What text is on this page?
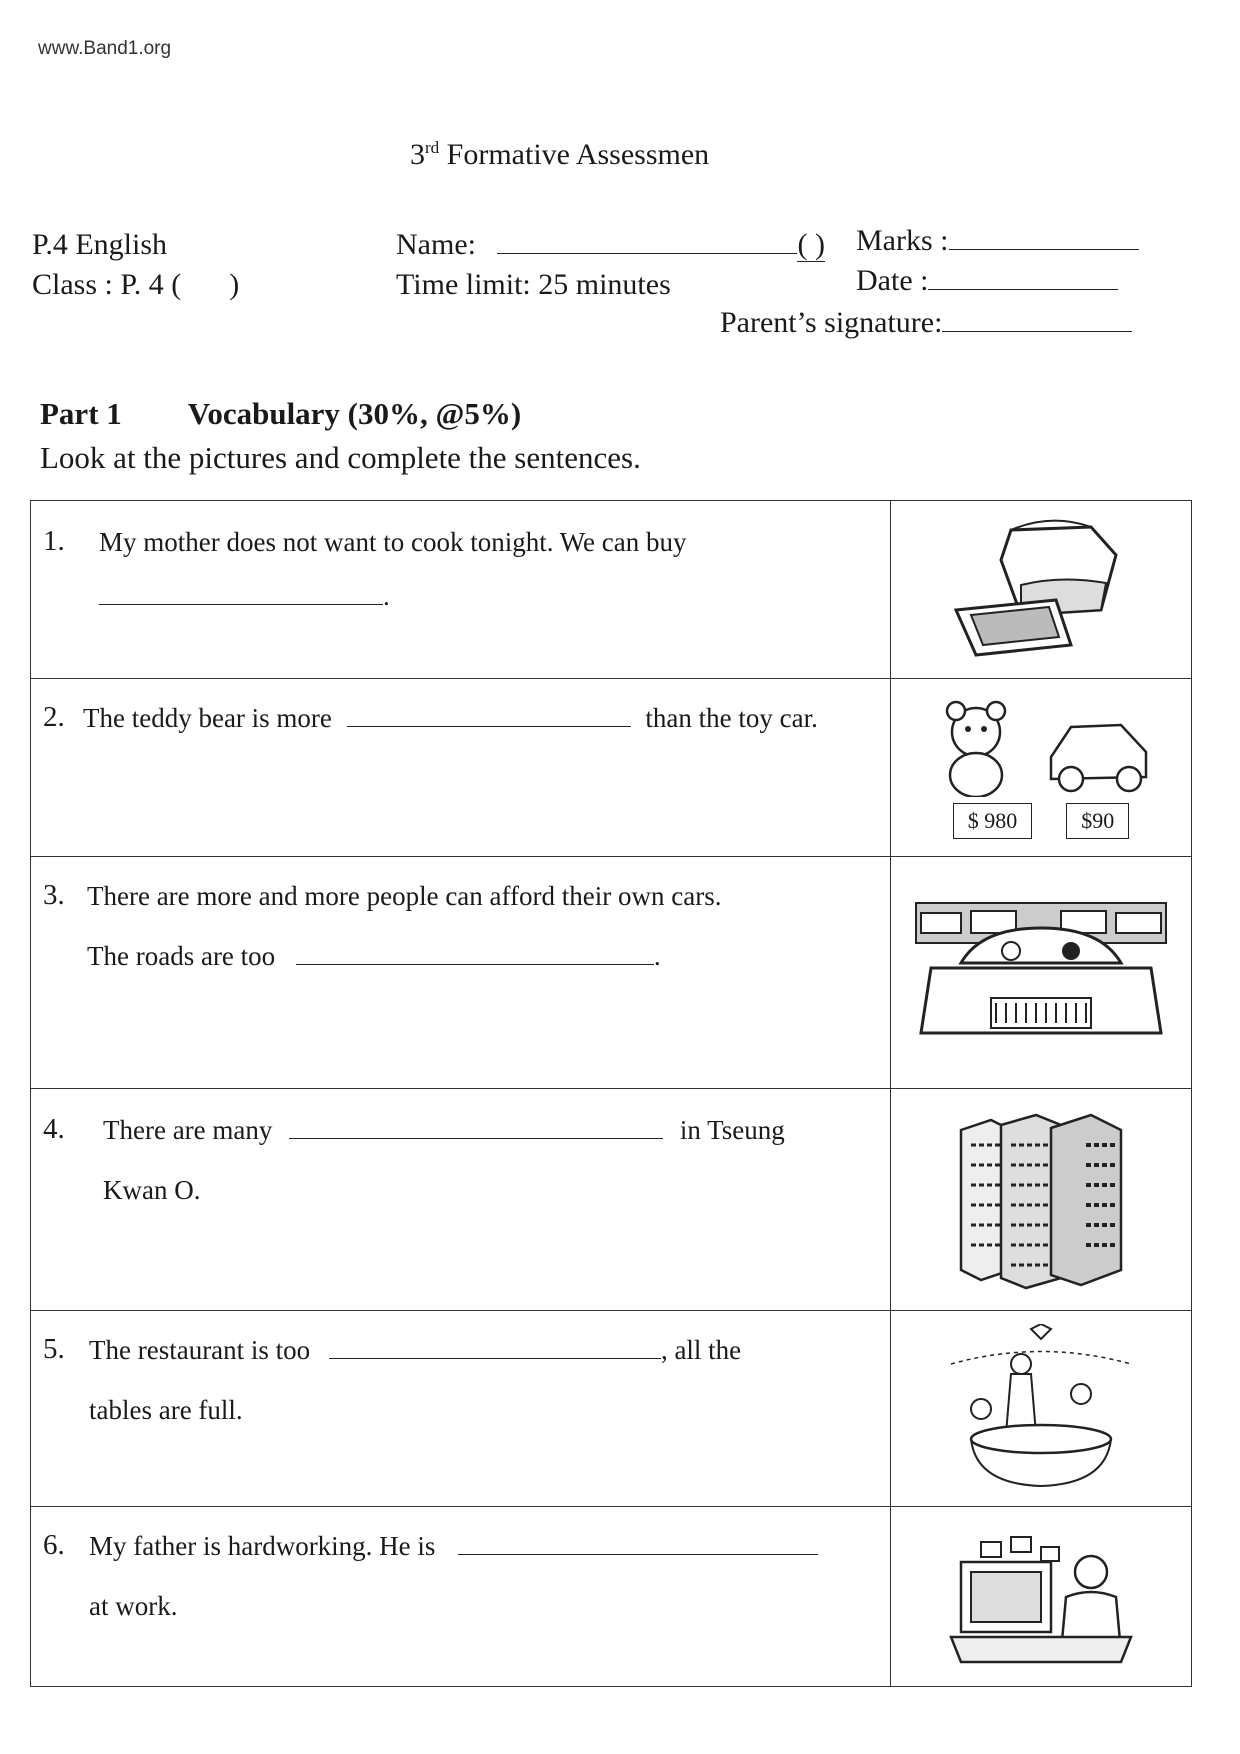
www.Band1.org
3rd Formative Assessmen
P.4 English
Class : P. 4 ( )
Name:	( )
Time limit: 25 minutes
Marks :
Date :
Parent’s signature:
Part 1 Vocabulary (30%, @5%)
Look at the pictures and complete the sentences.
1. My mother does not want to cook tonight. We can buy
.

2. The teddy bear is more than the toy car.	$ 980 $90

3. There are more and more people can afford their own cars.
The roads are too .

4. There are many in Tseung
Kwan O.

5. The restaurant is too , all the
tables are full.

6. My father is hardworking. He is
at work.
